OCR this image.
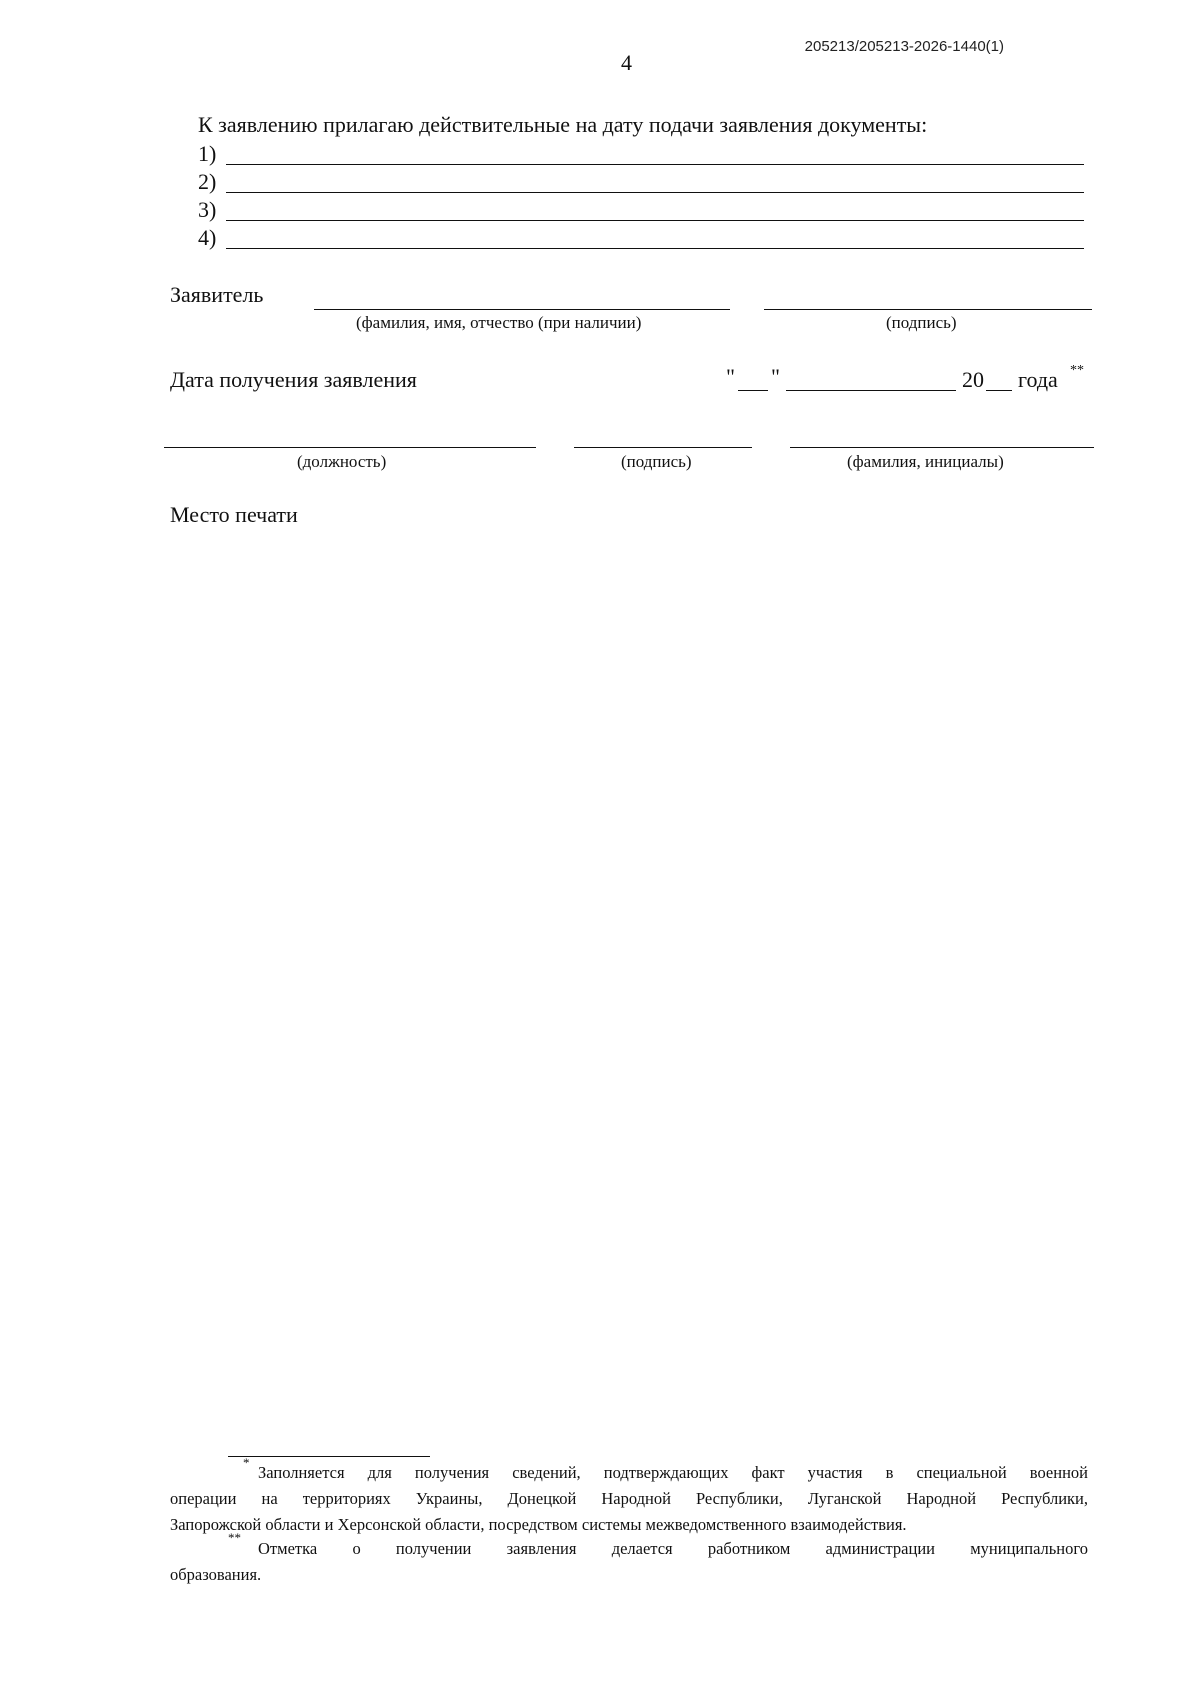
205213/205213-2026-1440(1)
4
К заявлению прилагаю действительные на дату подачи заявления документы:
1)
2)
3)
4)
Заявитель
(фамилия, имя, отчество (при наличии)	(подпись)
Дата получения заявления	" "	20 года **
(должность)	(подпись)	(фамилия, инициалы)
Место печати
*
Заполняется для получения сведений, подтверждающих факт участия в специальной военной
операции на территориях Украины, Донецкой Народной Республики, Луганской Народной Республики,
Запорожской области и Херсонской области, посредством системы межведомственного взаимодействия.
**
Отметка о получении заявления делается работником администрации муниципального
образования.
